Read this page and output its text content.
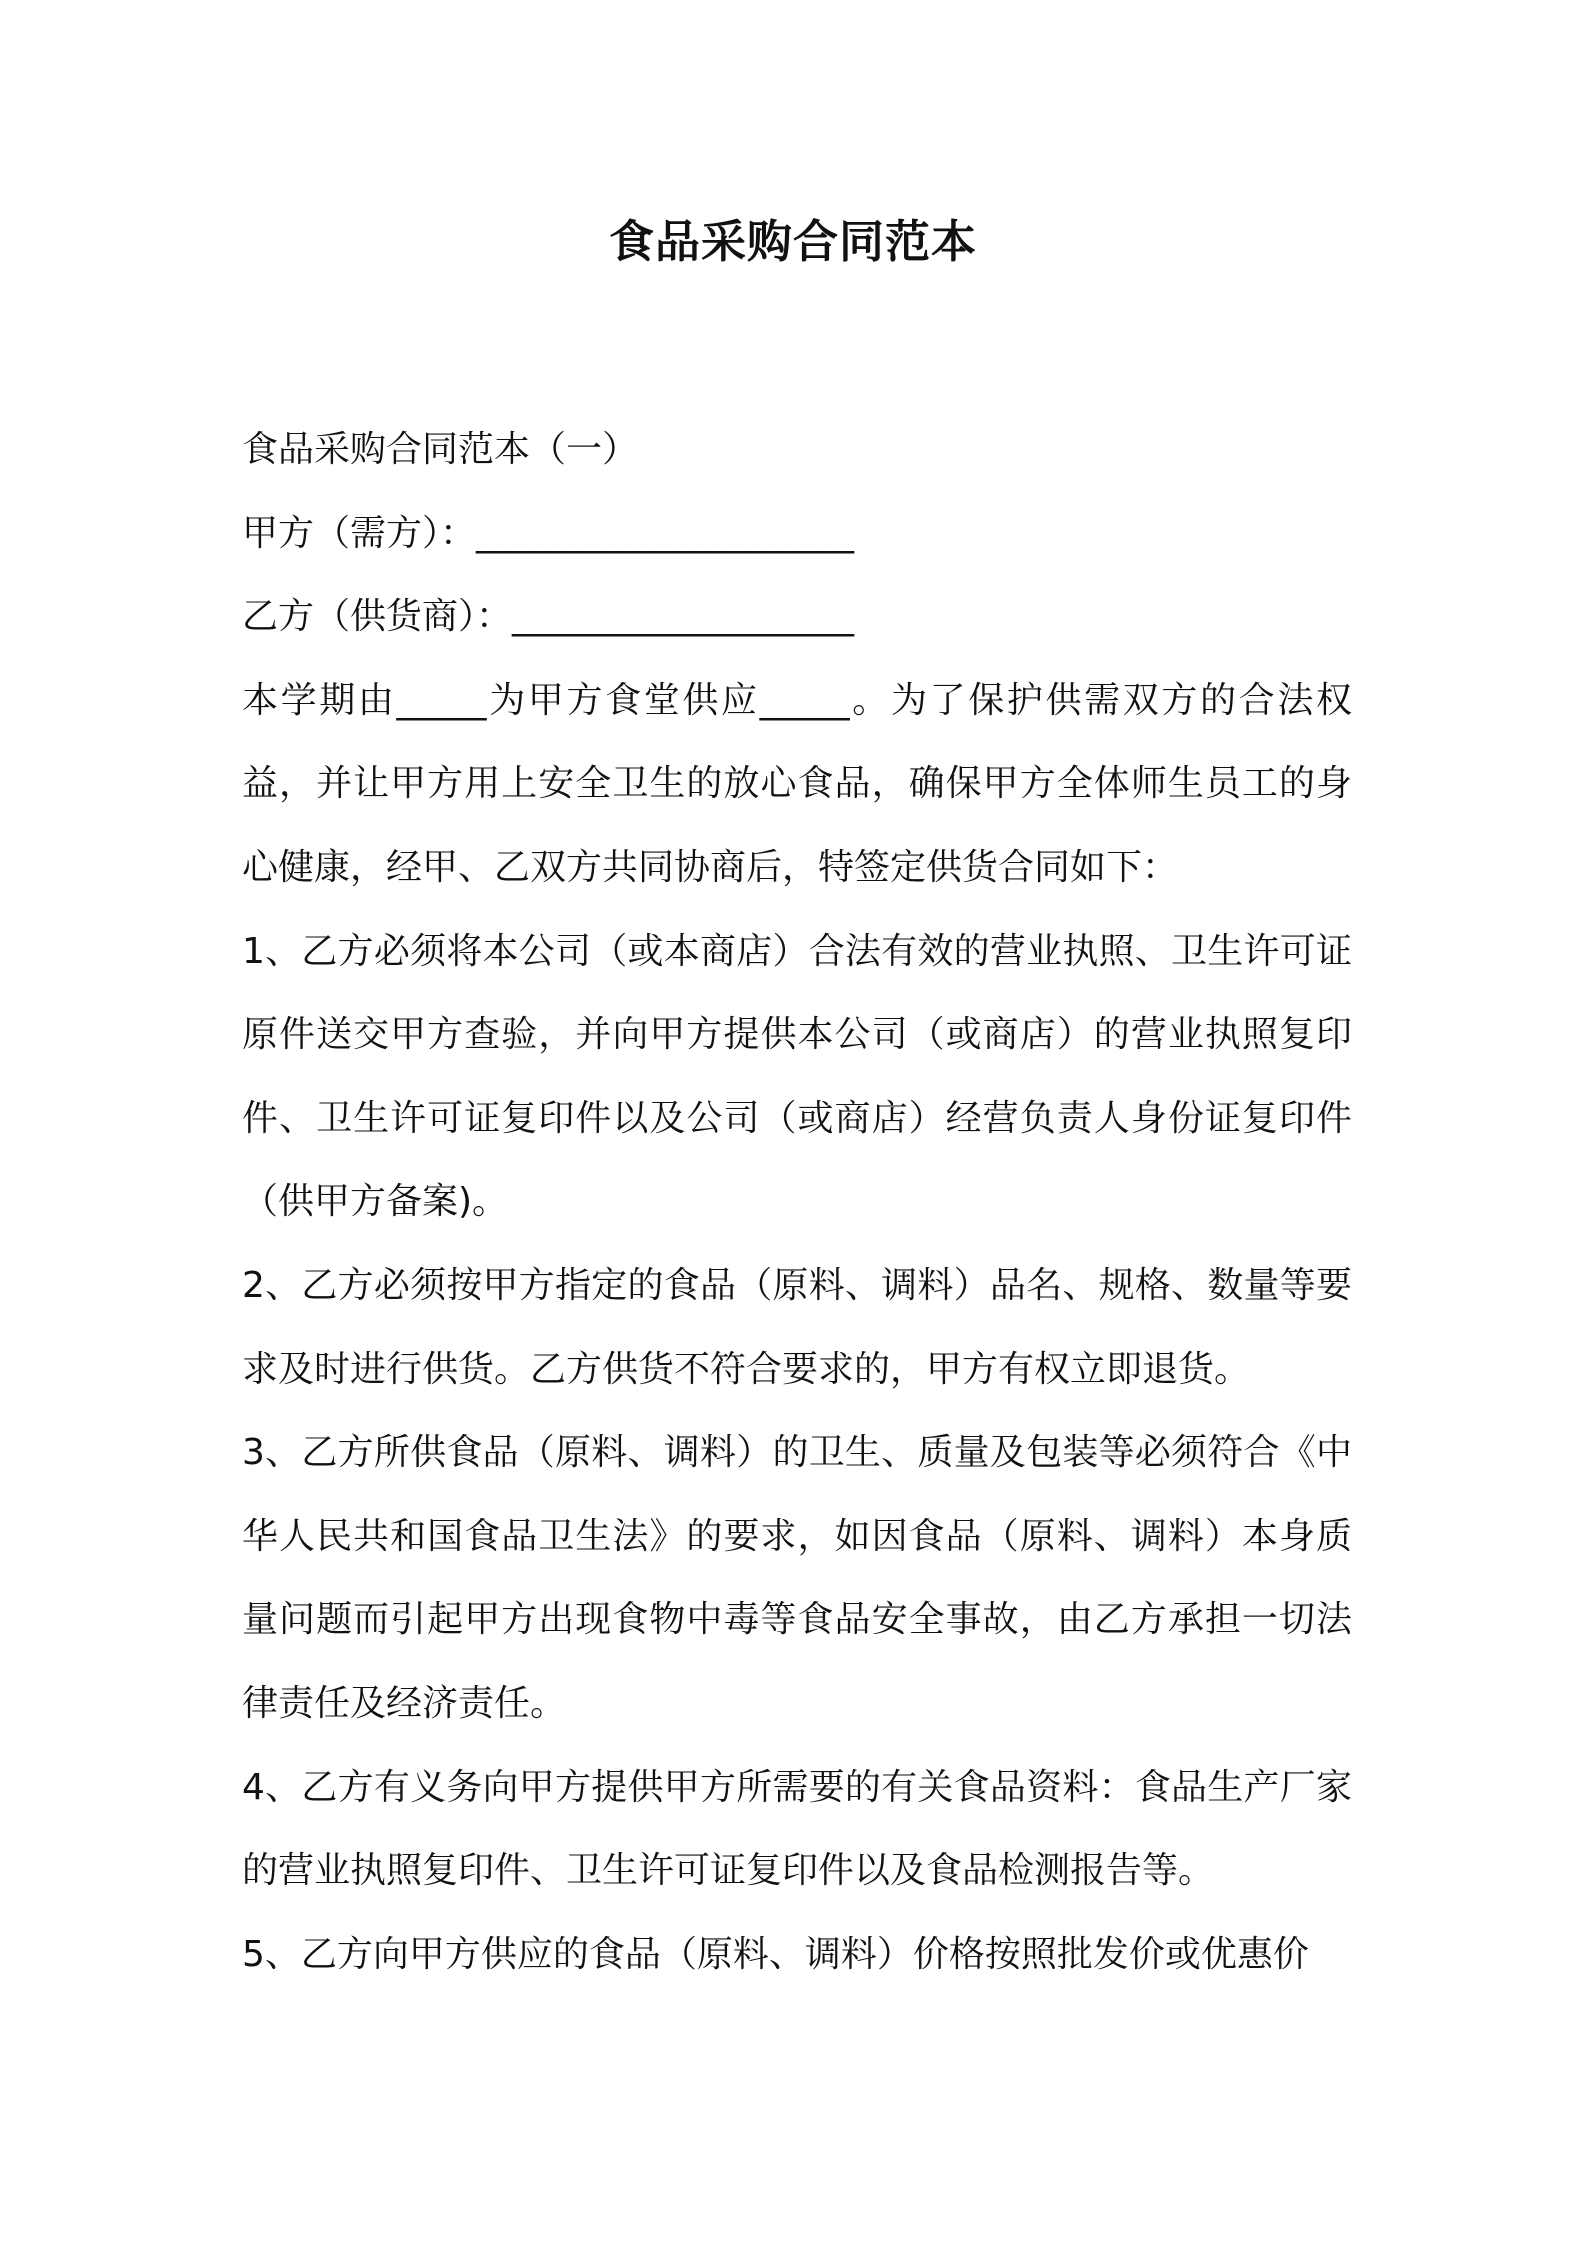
食品采购合同范本

食品采购合同范本（一）

甲方（需方）：_____________________

乙方（供货商）：___________________

本学期由_____为甲方食堂供应_____。为了保护供需双方的合法权益，并让甲方用上安全卫生的放心食品，确保甲方全体师生员工的身心健康，经甲、乙双方共同协商后，特签定供货合同如下：

1、乙方必须将本公司（或本商店）合法有效的营业执照、卫生许可证原件送交甲方查验，并向甲方提供本公司（或商店）的营业执照复印件、卫生许可证复印件以及公司（或商店）经营负责人身份证复印件（供甲方备案)。

2、乙方必须按甲方指定的食品（原料、调料）品名、规格、数量等要求及时进行供货。乙方供货不符合要求的，甲方有权立即退货。

3、乙方所供食品（原料、调料）的卫生、质量及包装等必须符合《中华人民共和国食品卫生法》的要求，如因食品（原料、调料）本身质量问题而引起甲方出现食物中毒等食品安全事故，由乙方承担一切法律责任及经济责任。

4、乙方有义务向甲方提供甲方所需要的有关食品资料：食品生产厂家的营业执照复印件、卫生许可证复印件以及食品检测报告等。

5、乙方向甲方供应的食品（原料、调料）价格按照批发价或优惠价
